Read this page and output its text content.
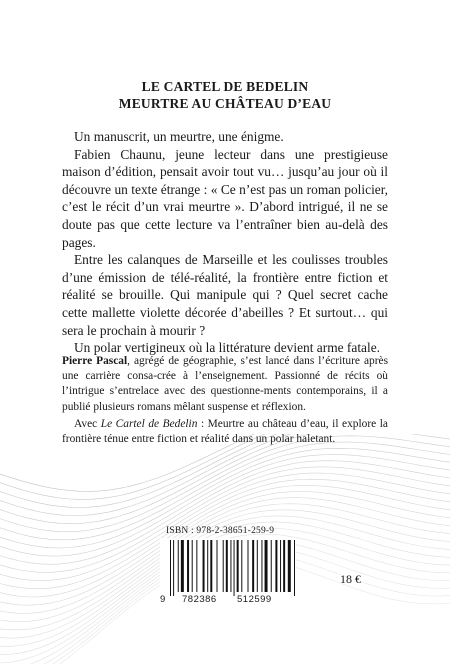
LE CARTEL DE BEDELIN
MEURTRE AU CHÂTEAU D’EAU

Un manuscrit, un meurtre, une énigme.

Fabien Chaunu, jeune lecteur dans une prestigieuse maison d’édition, pensait avoir tout vu… jusqu’au jour où il découvre un texte étrange : « Ce n’est pas un roman policier, c’est le récit d’un vrai meurtre ». D’abord intrigué, il ne se doute pas que cette lecture va l’entraîner bien au-delà des pages.

Entre les calanques de Marseille et les coulisses troubles d’une émission de télé-réalité, la frontière entre fiction et réalité se brouille. Qui manipule qui ? Quel secret cache cette mallette violette décorée d’abeilles ? Et surtout… qui sera le prochain à mourir ?

Un polar vertigineux où la littérature devient arme fatale.

Pierre Pascal, agrégé de géographie, s’est lancé dans l’écriture après une carrière consa-crée à l’enseignement. Passionné de récits où l’intrigue s’entrelace avec des questionne-ments contemporains, il a publié plusieurs romans mêlant suspense et réflexion.

Avec Le Cartel de Bedelin : Meurtre au château d’eau, il explore la frontière ténue entre fiction et réalité dans un polar haletant.

ISBN : 978-2-38651-259-9
9 782386 512599
18 €
